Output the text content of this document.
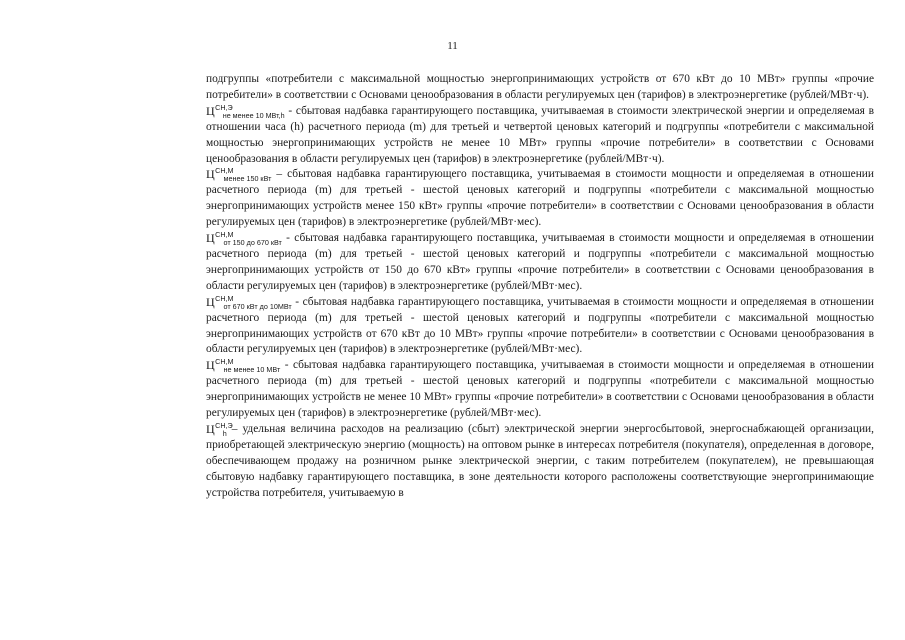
11

подгруппы «потребители с максимальной мощностью энергопринимающих устройств от 670 кВт до 10 МВт» группы «прочие потребители» в соответствии с Основами ценообразования в области регулируемых цен (тарифов) в электроэнергетике (рублей/МВт·ч).

$Ц^{СН,Э}_{не менее 10 МВт,h}$ - сбытовая надбавка гарантирующего поставщика, учитываемая в стоимости электрической энергии и определяемая в отношении часа (h) расчетного периода (m) для третьей и четвертой ценовых категорий и подгруппы «потребители с максимальной мощностью энергопринимающих устройств не менее 10 МВт» группы «прочие потребители» в соответствии с Основами ценообразования в области регулируемых цен (тарифов) в электроэнергетике (рублей/МВт·ч).

$Ц^{СН,М}_{менее 150 кВт}$ – сбытовая надбавка гарантирующего поставщика, учитываемая в стоимости мощности и определяемая в отношении расчетного периода (m) для третьей - шестой ценовых категорий и подгруппы «потребители с максимальной мощностью энергопринимающих устройств менее 150 кВт» группы «прочие потребители» в соответствии с Основами ценообразования в области регулируемых цен (тарифов) в электроэнергетике (рублей/МВт·мес).

$Ц^{СН,М}_{от 150 до 670 кВт}$ - сбытовая надбавка гарантирующего поставщика, учитываемая в стоимости мощности и определяемая в отношении расчетного периода (m) для третьей - шестой ценовых категорий и подгруппы «потребители с максимальной мощностью энергопринимающих устройств от 150 до 670 кВт» группы «прочие потребители» в соответствии с Основами ценообразования в области регулируемых цен (тарифов) в электроэнергетике (рублей/МВт·мес).

$Ц^{СН,М}_{от 670 кВт до 10МВт}$ - сбытовая надбавка гарантирующего поставщика, учитываемая в стоимости мощности и определяемая в отношении расчетного периода (m) для третьей - шестой ценовых категорий и подгруппы «потребители с максимальной мощностью энергопринимающих устройств от 670 кВт до 10 МВт» группы «прочие потребители» в соответствии с Основами ценообразования в области регулируемых цен (тарифов) в электроэнергетике (рублей/МВт·мес).

$Ц^{СН,М}_{не менее 10 МВт}$ - сбытовая надбавка гарантирующего поставщика, учитываемая в стоимости мощности и определяемая в отношении расчетного периода (m) для третьей - шестой ценовых категорий и подгруппы «потребители с максимальной мощностью энергопринимающих устройств не менее 10 МВт» группы «прочие потребители» в соответствии с Основами ценообразования в области регулируемых цен (тарифов) в электроэнергетике (рублей/МВт·мес).

$Ц^{СН,Э}_h$ – удельная величина расходов на реализацию (сбыт) электрической энергии энергосбытовой, энергоснабжающей организации, приобретающей электрическую энергию (мощность) на оптовом рынке в интересах потребителя (покупателя), определенная в договоре, обеспечивающем продажу на розничном рынке электрической энергии, с таким потребителем (покупателем), не превышающая сбытовую надбавку гарантирующего поставщика, в зоне деятельности которого расположены соответствующие энергопринимающие устройства потребителя, учитываемую в
